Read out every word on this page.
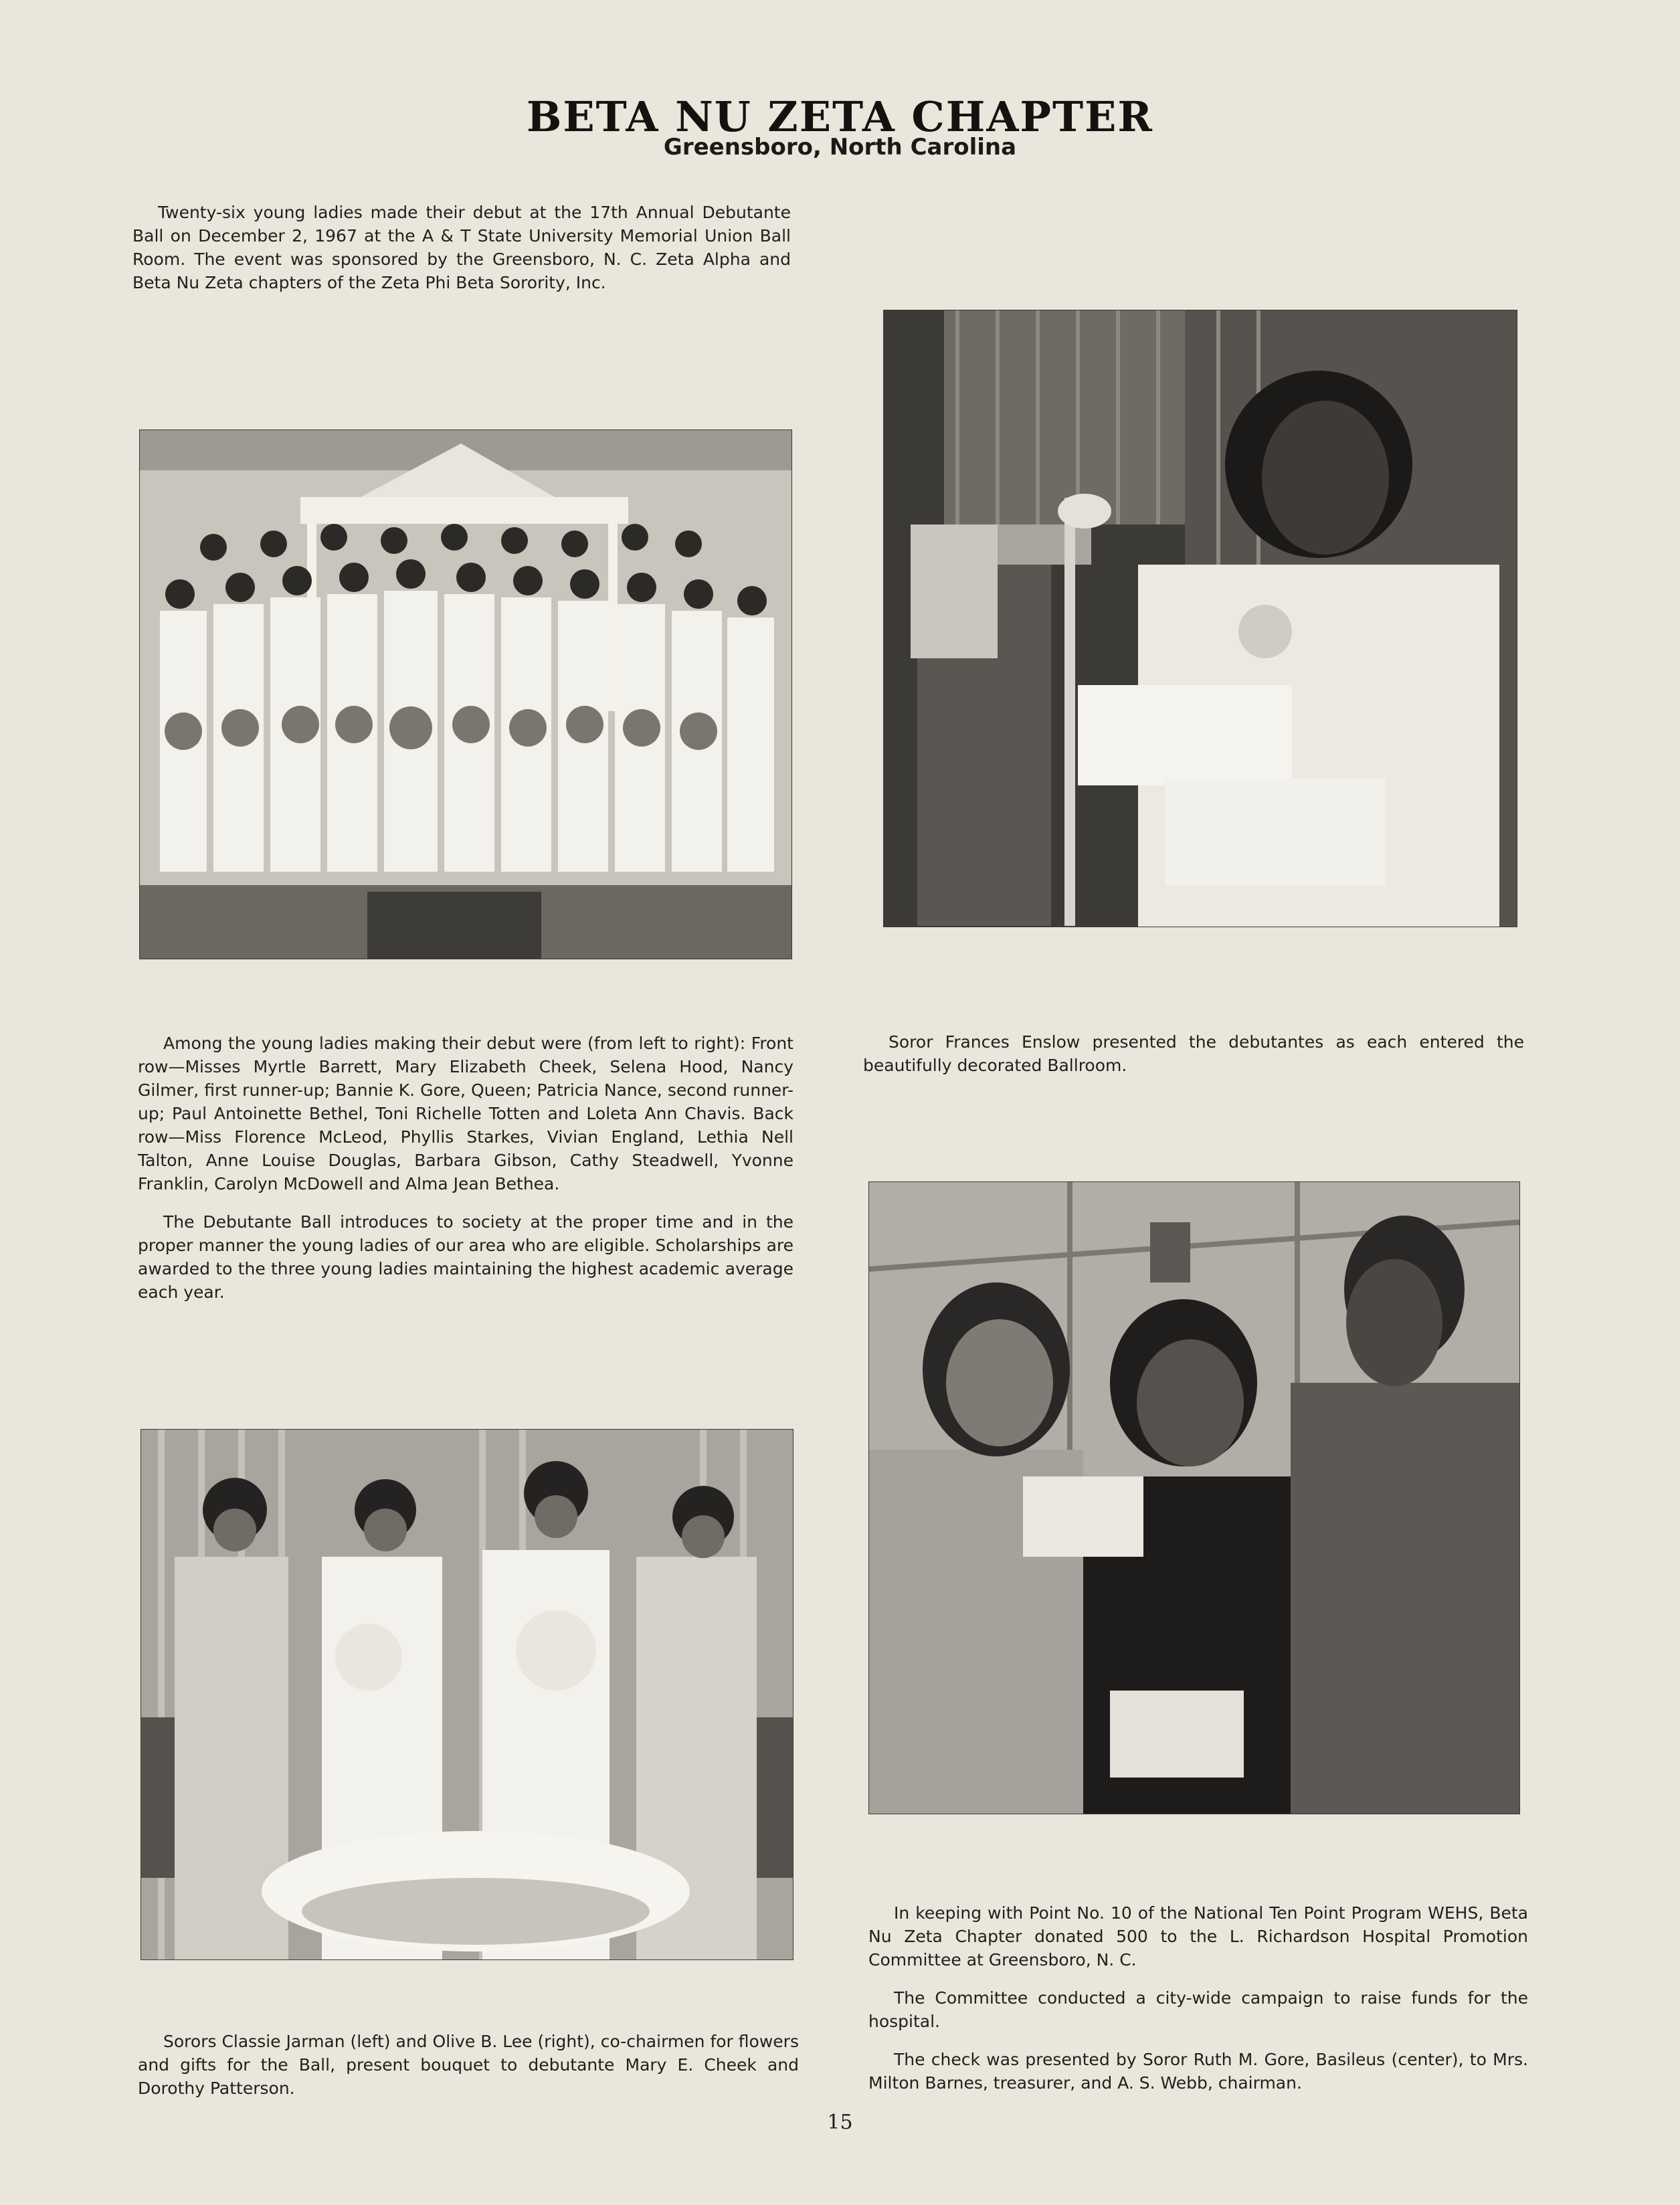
BETA NU ZETA CHAPTER
Greensboro, North Carolina

Twenty-six young ladies made their debut at the 17th Annual Debutante Ball on December 2, 1967 at the A & T State University Memorial Union Ball Room. The event was sponsored by the Greensboro, N. C. Zeta Alpha and Beta Nu Zeta chapters of the Zeta Phi Beta Sorority, Inc.

Among the young ladies making their debut were (from left to right): Front row—Misses Myrtle Barrett, Mary Elizabeth Cheek, Selena Hood, Nancy Gilmer, first runner-up; Bannie K. Gore, Queen; Patricia Nance, second runner-up; Paul Antoinette Bethel, Toni Richelle Totten and Loleta Ann Chavis. Back row—Miss Florence McLeod, Phyllis Starkes, Vivian England, Lethia Nell Talton, Anne Louise Douglas, Barbara Gibson, Cathy Steadwell, Yvonne Franklin, Carolyn McDowell and Alma Jean Bethea.

The Debutante Ball introduces to society at the proper time and in the proper manner the young ladies of our area who are eligible. Scholarships are awarded to the three young ladies maintaining the highest academic average each year.

Soror Frances Enslow presented the debutantes as each entered the beautifully decorated Ballroom.

In keeping with Point No. 10 of the National Ten Point Program WEHS, Beta Nu Zeta Chapter donated 500 to the L. Richardson Hospital Promotion Committee at Greensboro, N. C.

The Committee conducted a city-wide campaign to raise funds for the hospital.

The check was presented by Soror Ruth M. Gore, Basileus (center), to Mrs. Milton Barnes, treasurer, and A. S. Webb, chairman.

Sorors Classie Jarman (left) and Olive B. Lee (right), co-chairmen for flowers and gifts for the Ball, present bouquet to debutante Mary E. Cheek and Dorothy Patterson.

15
